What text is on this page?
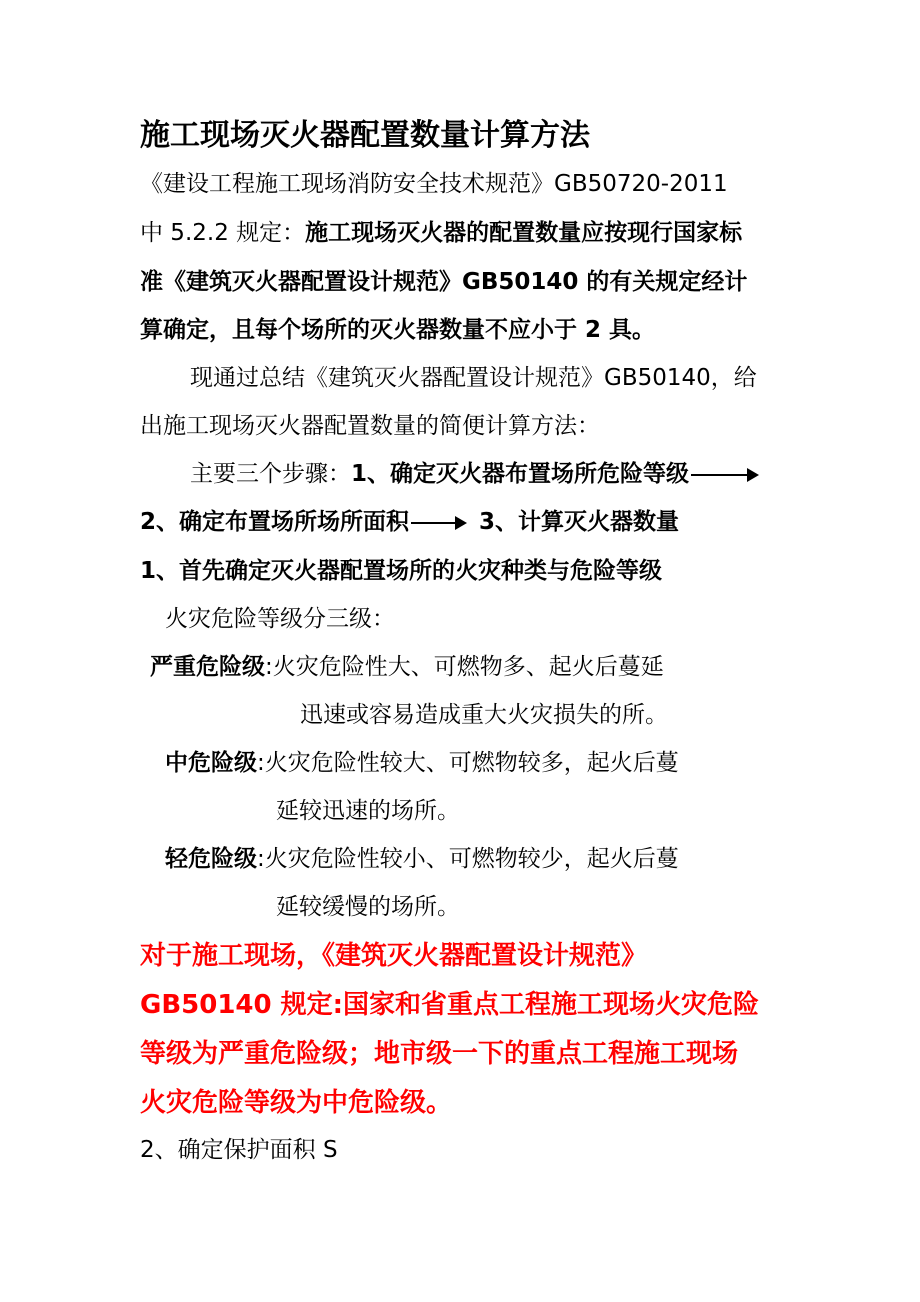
施工现场灭火器配置数量计算方法
《建设工程施工现场消防安全技术规范》GB50720-2011
中 5.2.2 规定：施工现场灭火器的配置数量应按现行国家标
准《建筑灭火器配置设计规范》GB50140 的有关规定经计
算确定，且每个场所的灭火器数量不应小于 2 具。
现通过总结《建筑灭火器配置设计规范》GB50140，给
出施工现场灭火器配置数量的简便计算方法：
主要三个步骤：1、确定灭火器布置场所危险等级
2、确定布置场所场所面积	3、计算灭火器数量
1、首先确定灭火器配置场所的火灾种类与危险等级
火灾危险等级分三级：
严重危险级:火灾危险性大、可燃物多、起火后蔓延
迅速或容易造成重大火灾损失的所。
中危险级:火灾危险性较大、可燃物较多，起火后蔓
延较迅速的场所。
轻危险级:火灾危险性较小、可燃物较少，起火后蔓
延较缓慢的场所。
对于施工现场，《建筑灭火器配置设计规范》
GB50140 规定:国家和省重点工程施工现场火灾危险
等级为严重危险级；地市级一下的重点工程施工现场
火灾危险等级为中危险级。
2、确定保护面积 S
